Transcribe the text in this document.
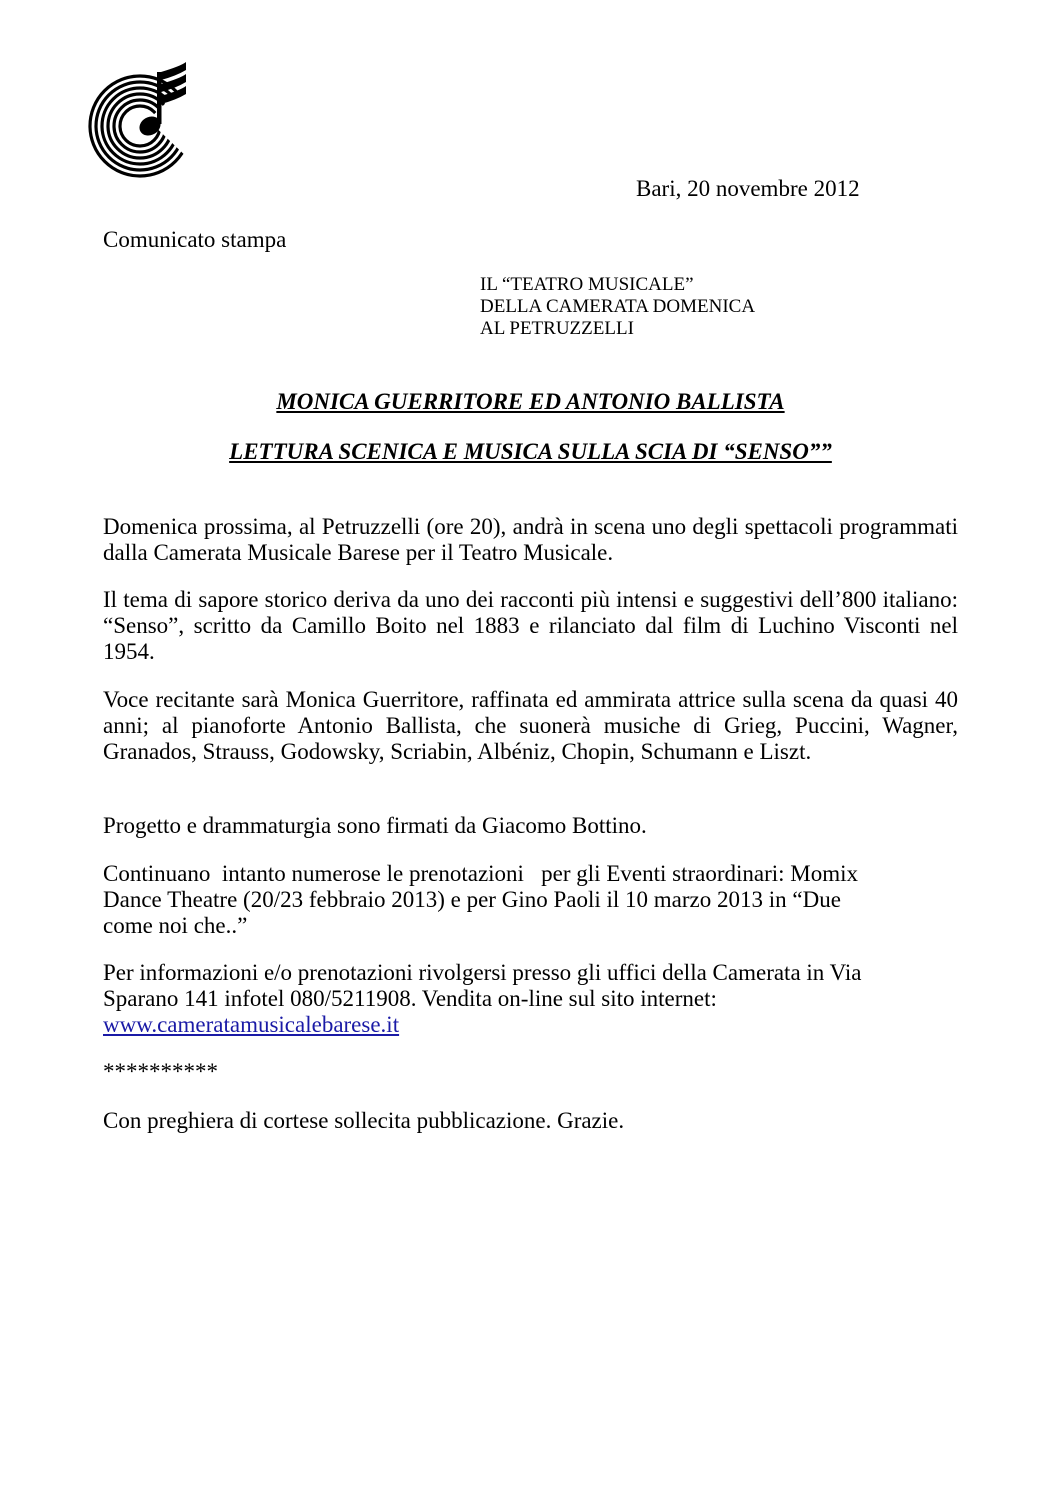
Bari, 20 novembre 2012
Comunicato stampa
IL “TEATRO MUSICALE”
DELLA CAMERATA DOMENICA
AL PETRUZZELLI
MONICA GUERRITORE ED ANTONIO BALLISTA
LETTURA SCENICA E MUSICA SULLA SCIA DI “SENSO””
Domenica prossima, al Petruzzelli (ore 20), andrà in scena uno degli spettacoli programmati dalla Camerata Musicale Barese per il Teatro Musicale.
Il tema di sapore storico deriva da uno dei racconti più intensi e suggestivi dell’800 italiano: “Senso”, scritto da Camillo Boito nel 1883 e rilanciato dal film di Luchino Visconti nel 1954.
Voce recitante sarà Monica Guerritore, raffinata ed ammirata attrice sulla scena da quasi 40 anni; al pianoforte Antonio Ballista, che suonerà musiche di Grieg, Puccini, Wagner, Granados, Strauss, Godowsky, Scriabin, Albéniz, Chopin, Schumann e Liszt.
Progetto e drammaturgia sono firmati da Giacomo Bottino.
Continuano  intanto numerose le prenotazioni   per gli Eventi straordinari: Momix
Dance Theatre (20/23 febbraio 2013) e per Gino Paoli il 10 marzo 2013 in “Due
come noi che..”
Per informazioni e/o prenotazioni rivolgersi presso gli uffici della Camerata in Via
Sparano 141 infotel 080/5211908. Vendita on-line sul sito internet:
www.cameratamusicalebarese.it
**********
Con preghiera di cortese sollecita pubblicazione. Grazie.
